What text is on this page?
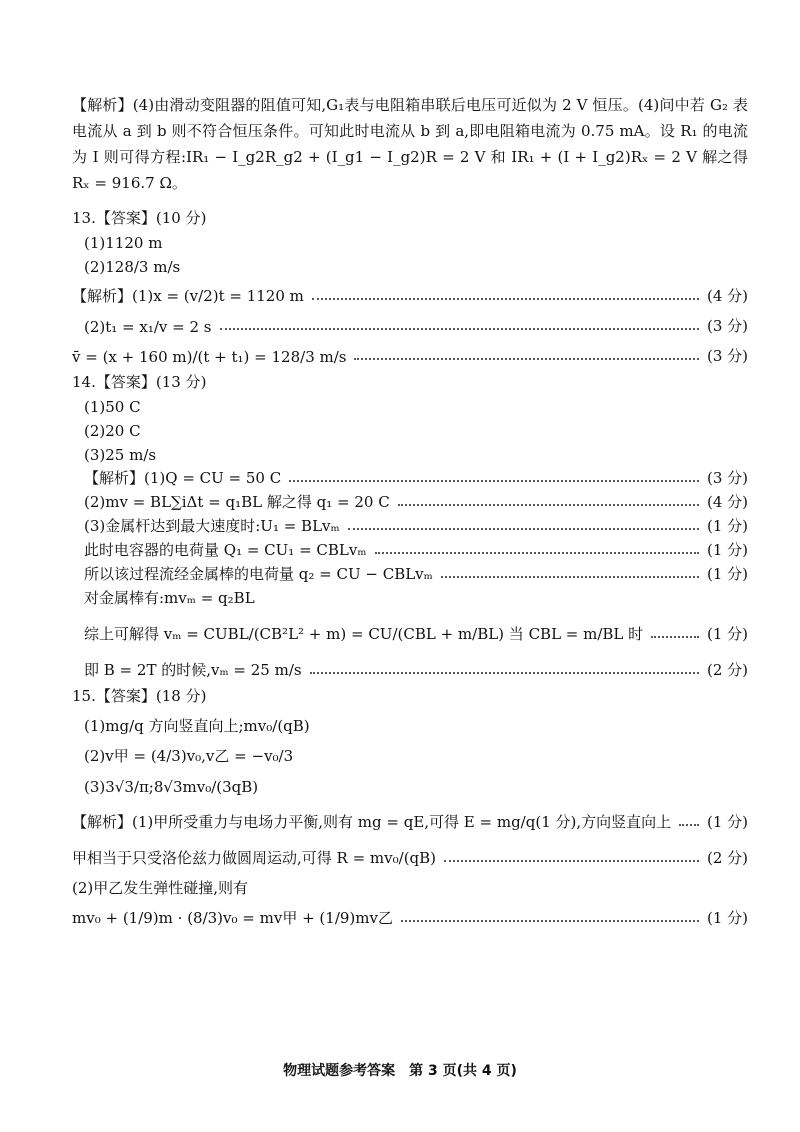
【解析】(4)由滑动变阻器的阻值可知,G₁表与电阻箱串联后电压可近似为 2 V 恒压。(4)问中若 G₂ 表电流从 a 到 b 则不符合恒压条件。可知此时电流从 b 到 a,即电阻箱电流为 0.75 mA。设 R₁ 的电流为 I 则可得方程:IR₁ − I_g2R_g2 + (I_g1 − I_g2)R = 2 V 和 IR₁ + (I + I_g2)Rₓ = 2 V 解之得 Rₓ = 916.7 Ω。

13.【答案】(10 分)
(1)1120 m
(2)128/3 m/s
【解析】(1)x = (v/2)t = 1120 m	(4 分)
(2)t₁ = x₁/v = 2 s	(3 分)
v̄ = (x + 160 m)/(t + t₁) = 128/3 m/s	(3 分)
14.【答案】(13 分)
(1)50 C
(2)20 C
(3)25 m/s
【解析】(1)Q = CU = 50 C	(3 分)
(2)mv = BL∑iΔt = q₁BL 解之得 q₁ = 20 C	(4 分)
(3)金属杆达到最大速度时:U₁ = BLvₘ	(1 分)
此时电容器的电荷量 Q₁ = CU₁ = CBLvₘ	(1 分)
所以该过程流经金属棒的电荷量 q₂ = CU − CBLvₘ	(1 分)
对金属棒有:mvₘ = q₂BL
综上可解得 vₘ = CUBL/(CB²L² + m) = CU/(CBL + m/BL) 当 CBL = m/BL 时	(1 分)
即 B = 2T 的时候,vₘ = 25 m/s	(2 分)
15.【答案】(18 分)
(1)mg/q 方向竖直向上;mv₀/(qB)
(2)v甲 = (4/3)v₀,v乙 = −v₀/3
(3)3√3/π;8√3mv₀/(3qB)
【解析】(1)甲所受重力与电场力平衡,则有 mg = qE,可得 E = mg/q(1 分),方向竖直向上 (1 分)
甲相当于只受洛伦兹力做圆周运动,可得 R = mv₀/(qB)	(2 分)
(2)甲乙发生弹性碰撞,则有
mv₀ + (1/9)m · (8/3)v₀ = mv甲 + (1/9)mv乙	(1 分)
物理试题参考答案　第 3 页(共 4 页)
